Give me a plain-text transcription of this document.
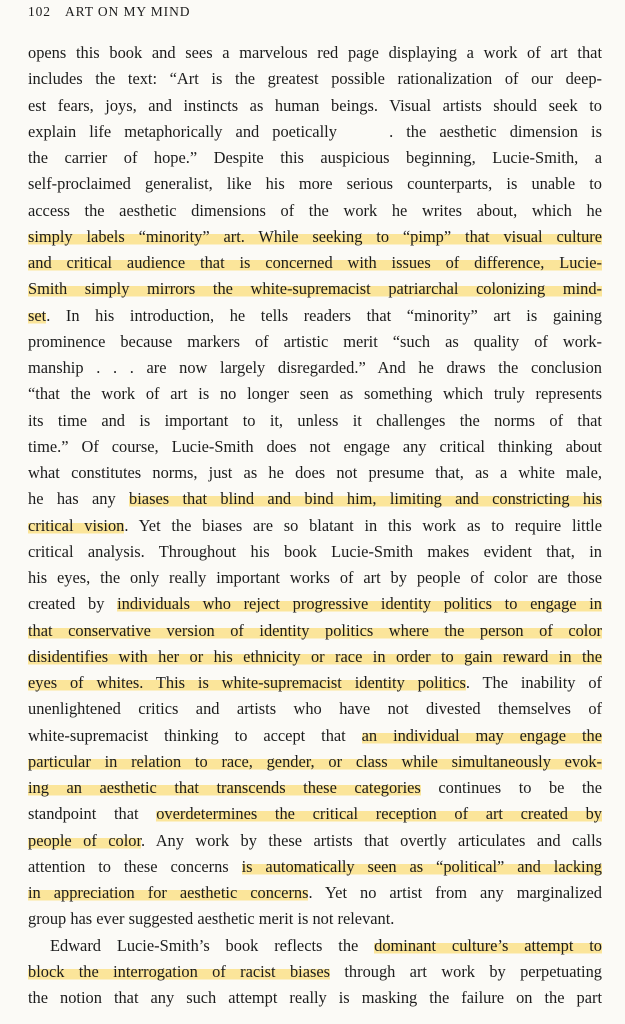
102 ART ON MY MIND
opens this book and sees a marvelous red page displaying a work of art that
includes the text: “Art is the greatest possible rationalization of our deep-
est fears, joys, and instincts as human beings. Visual artists should seek to
explain life metaphorically and poetically    . the aesthetic dimension is
the carrier of hope.” Despite this auspicious beginning, Lucie-Smith, a
self-proclaimed generalist, like his more serious counterparts, is unable to
access the aesthetic dimensions of the work he writes about, which he
simply labels “minority” art. While seeking to “pimp” that visual culture
and critical audience that is concerned with issues of difference, Lucie-
Smith simply mirrors the white-supremacist patriarchal colonizing mind-
set. In his introduction, he tells readers that “minority” art is gaining
prominence because markers of artistic merit “such as quality of work-
manship . . . are now largely disregarded.” And he draws the conclusion
“that the work of art is no longer seen as something which truly represents
its time and is important to it, unless it challenges the norms of that
time.” Of course, Lucie-Smith does not engage any critical thinking about
what constitutes norms, just as he does not presume that, as a white male,
he has any biases that blind and bind him, limiting and constricting his
critical vision. Yet the biases are so blatant in this work as to require little
critical analysis. Throughout his book Lucie-Smith makes evident that, in
his eyes, the only really important works of art by people of color are those
created by individuals who reject progressive identity politics to engage in
that conservative version of identity politics where the person of color
disidentifies with her or his ethnicity or race in order to gain reward in the
eyes of whites. This is white-supremacist identity politics. The inability of
unenlightened critics and artists who have not divested themselves of
white-supremacist thinking to accept that an individual may engage the
particular in relation to race, gender, or class while simultaneously evok-
ing an aesthetic that transcends these categories continues to be the
standpoint that overdetermines the critical reception of art created by
people of color. Any work by these artists that overtly articulates and calls
attention to these concerns is automatically seen as “political” and lacking
in appreciation for aesthetic concerns. Yet no artist from any marginalized
group has ever suggested aesthetic merit is not relevant.
Edward Lucie-Smith’s book reflects the dominant culture’s attempt to
block the interrogation of racist biases through art work by perpetuating
the notion that any such attempt really is masking the failure on the part
